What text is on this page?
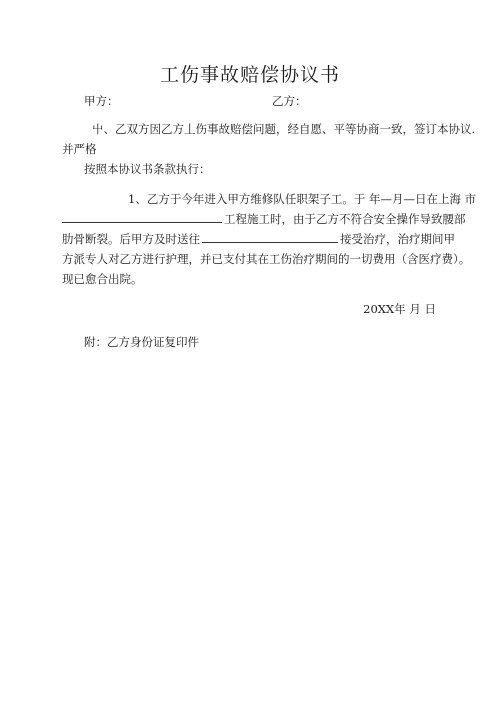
工伤事故赔偿协议书
甲方：	乙方：
屮、乙双方因乙方丄伤事故赔偿问题，经自愿、平等协商一致，签订本协议.
并严格
按照本协议书条款执行：
1、乙方于今年进入甲方维修队任职架子工。于 年—月—日在上海 市
工程施工时，由于乙方不符合安全操作导致腰部
肋骨断裂。后甲方及时送往	接受治疗，治疗期间甲
方派专人对乙方进行护理，并已支付其在工伤治疗期间的一切费用（含医疗费）。
现已愈合出院。
20XX年 月 日
附：乙方身份证复印件
